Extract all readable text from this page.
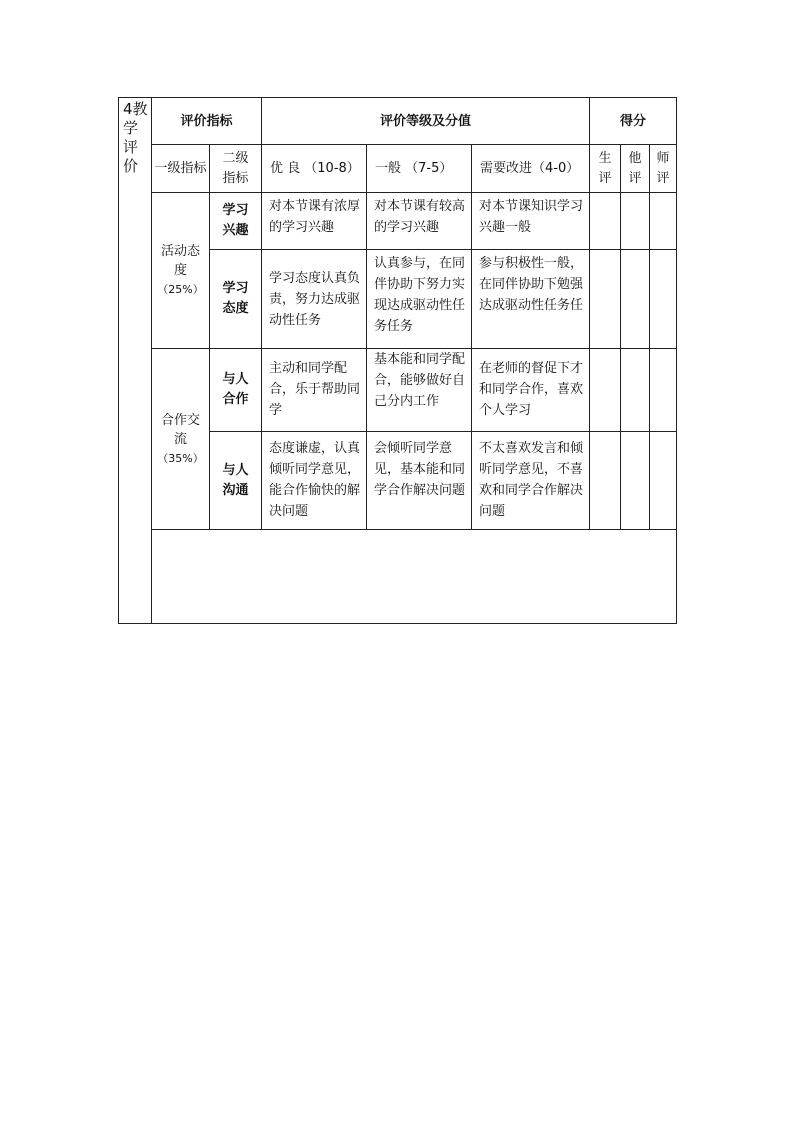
4教学评价	评价指标		评价等级及分值			得分		

	一级指标	二级指标	优 良 （10-8）	一般 （7-5）	需要改进（4-0）	生评	他评	师评

	活动态度（25%）	学习兴趣	对本节课有浓厚的学习兴趣	对本节课有较高的学习兴趣	对本节课知识学习兴趣一般			

		学习态度	学习态度认真负责，努力达成驱动性任务	认真参与，在同伴协助下努力实现达成驱动性任务任务	参与积极性一般，在同伴协助下勉强达成驱动性任务任			

	合作交流（35%）	与人合作	主动和同学配合，乐于帮助同学	基本能和同学配合，能够做好自己分内工作	在老师的督促下才和同学合作，喜欢个人学习			

		与人沟通	态度谦虚，认真倾听同学意见，能合作愉快的解决问题	会倾听同学意见，基本能和同学合作解决问题	不太喜欢发言和倾听同学意见，不喜欢和同学合作解决问题			
